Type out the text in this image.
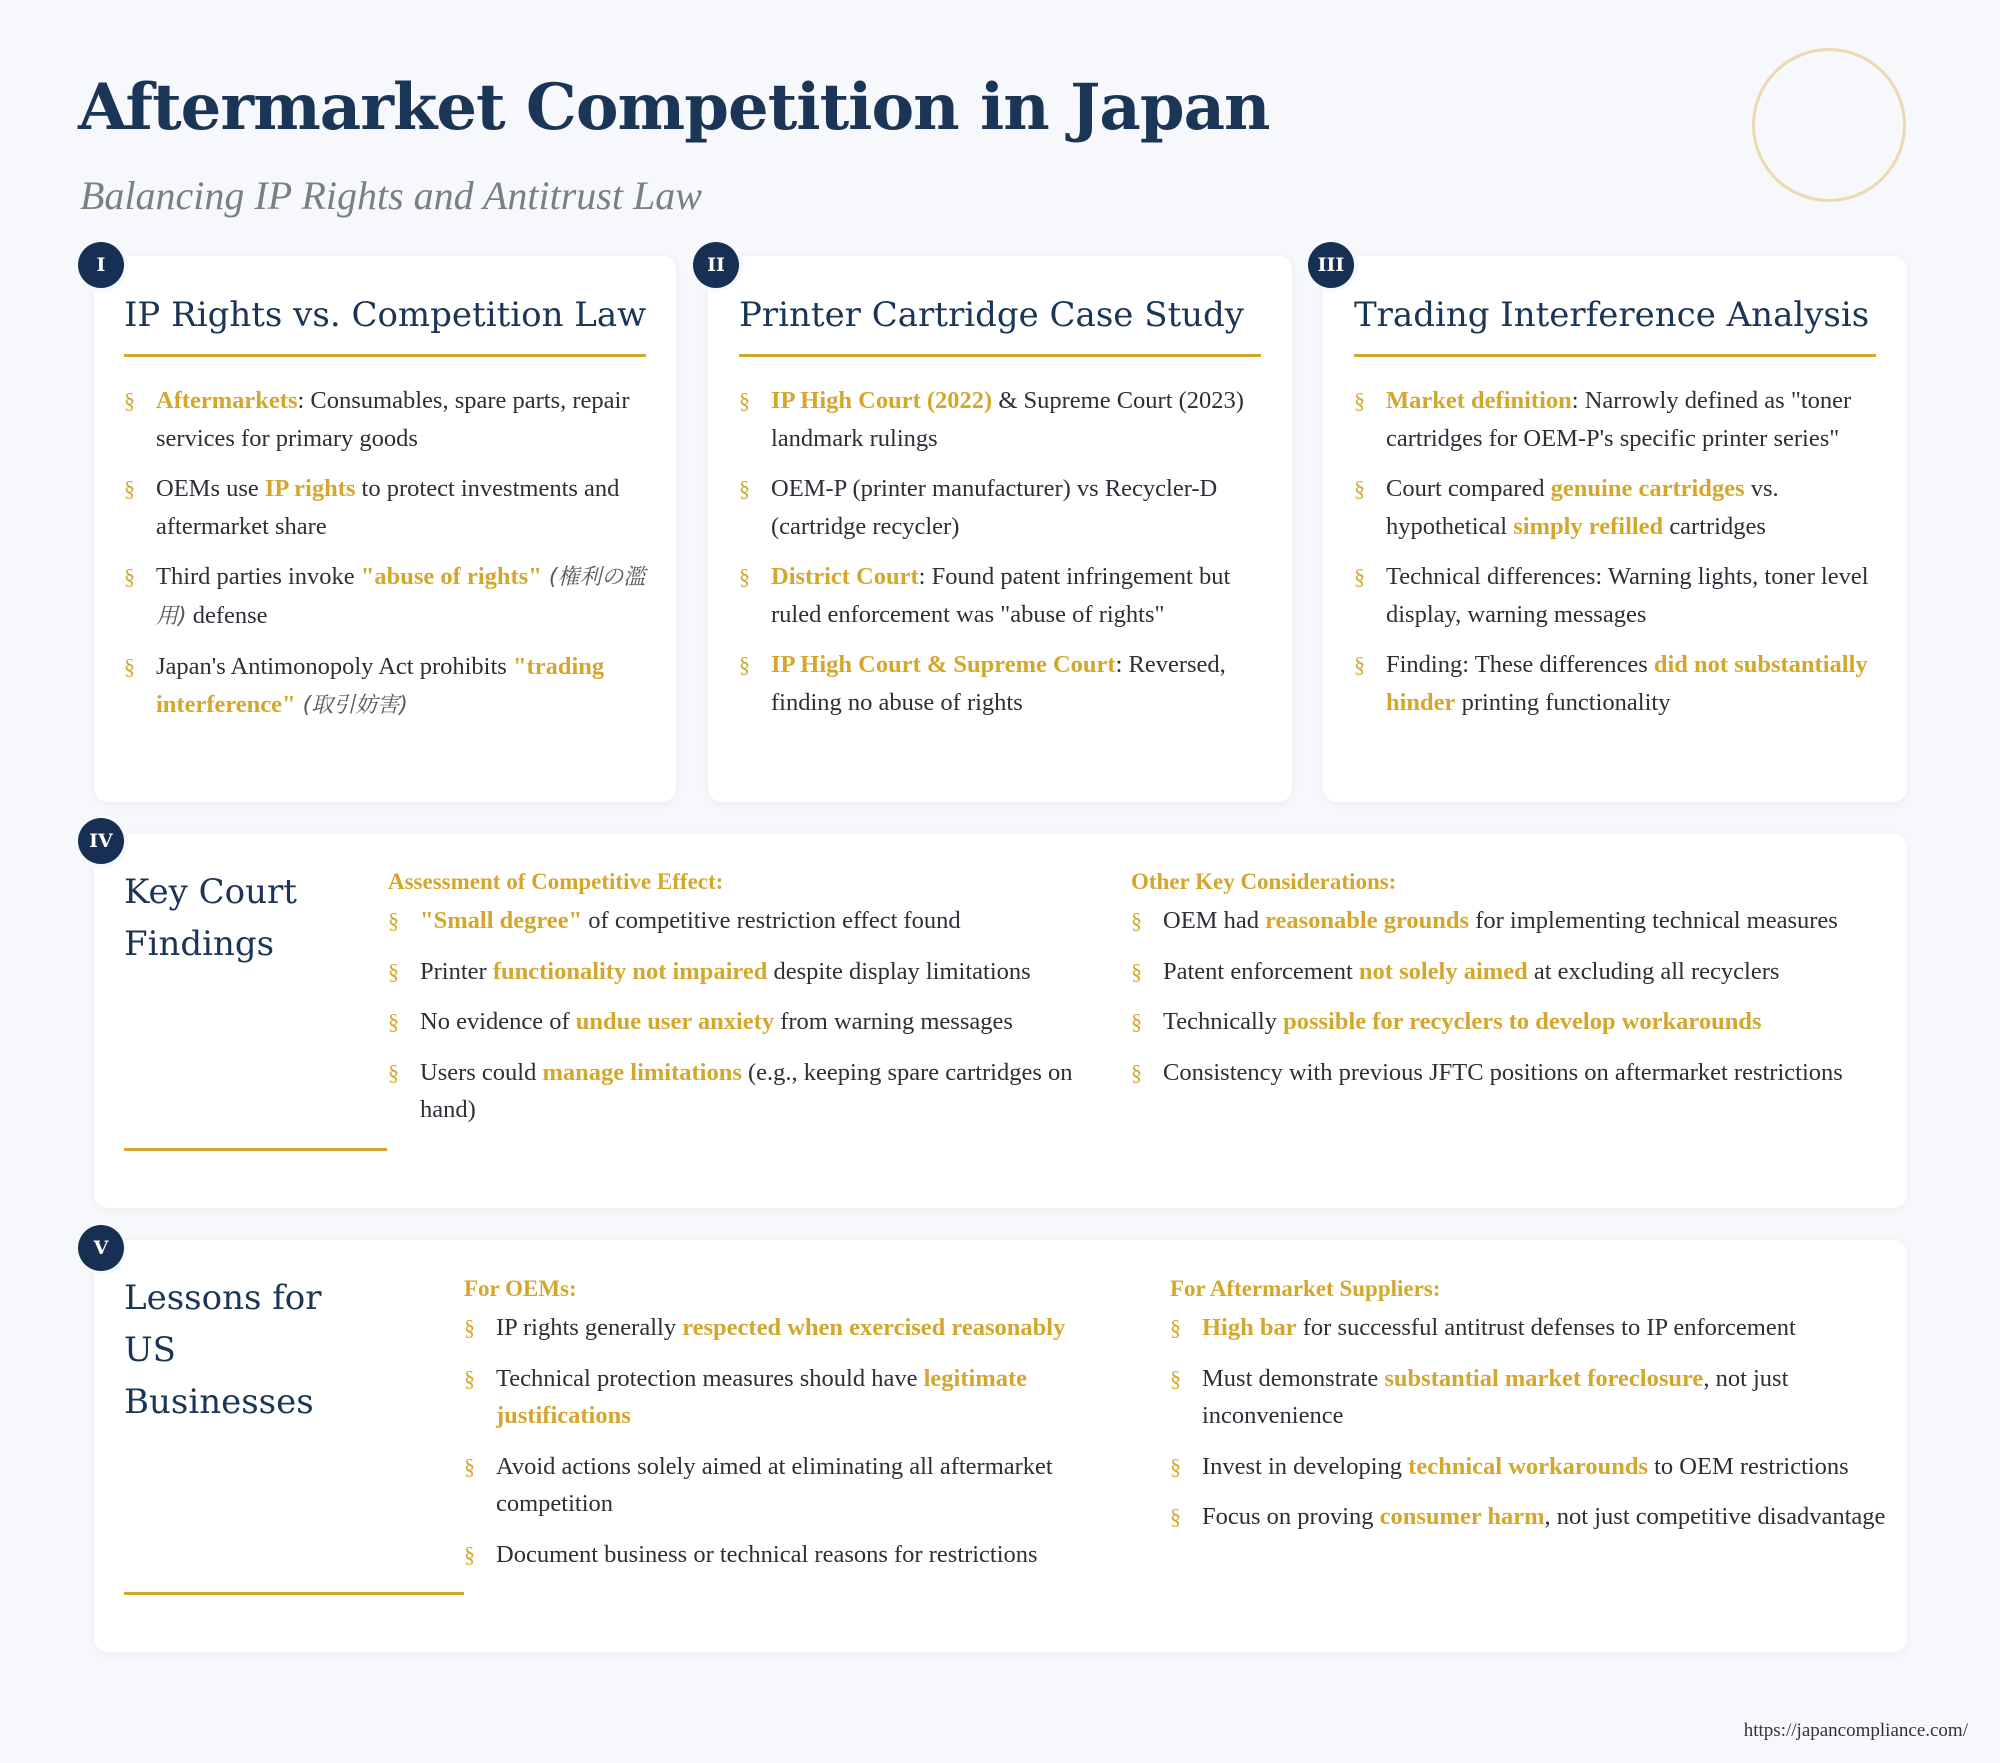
Aftermarket Competition in Japan
Balancing IP Rights and Antitrust Law
I
IP Rights vs. Competition Law
§ Aftermarkets: Consumables, spare parts, repair services for primary goods
§ OEMs use IP rights to protect investments and aftermarket share
§ Third parties invoke "abuse of rights" (権利の濫用) defense
§ Japan's Antimonopoly Act prohibits "trading interference" (取引妨害)
II
Printer Cartridge Case Study
§ IP High Court (2022) & Supreme Court (2023) landmark rulings
§ OEM-P (printer manufacturer) vs Recycler-D (cartridge recycler)
§ District Court: Found patent infringement but ruled enforcement was "abuse of rights"
§ IP High Court & Supreme Court: Reversed, finding no abuse of rights
III
Trading Interference Analysis
§ Market definition: Narrowly defined as "toner cartridges for OEM-P's specific printer series"
§ Court compared genuine cartridges vs. hypothetical simply refilled cartridges
§ Technical differences: Warning lights, toner level display, warning messages
§ Finding: These differences did not substantially hinder printing functionality
IV
Key Court Findings
Assessment of Competitive Effect:
§ "Small degree" of competitive restriction effect found
§ Printer functionality not impaired despite display limitations
§ No evidence of undue user anxiety from warning messages
§ Users could manage limitations (e.g., keeping spare cartridges on hand)
Other Key Considerations:
§ OEM had reasonable grounds for implementing technical measures
§ Patent enforcement not solely aimed at excluding all recyclers
§ Technically possible for recyclers to develop workarounds
§ Consistency with previous JFTC positions on aftermarket restrictions
V
Lessons for US Businesses
For OEMs:
§ IP rights generally respected when exercised reasonably
§ Technical protection measures should have legitimate justifications
§ Avoid actions solely aimed at eliminating all aftermarket competition
§ Document business or technical reasons for restrictions
For Aftermarket Suppliers:
§ High bar for successful antitrust defenses to IP enforcement
§ Must demonstrate substantial market foreclosure, not just inconvenience
§ Invest in developing technical workarounds to OEM restrictions
§ Focus on proving consumer harm, not just competitive disadvantage
https://japancompliance.com/
